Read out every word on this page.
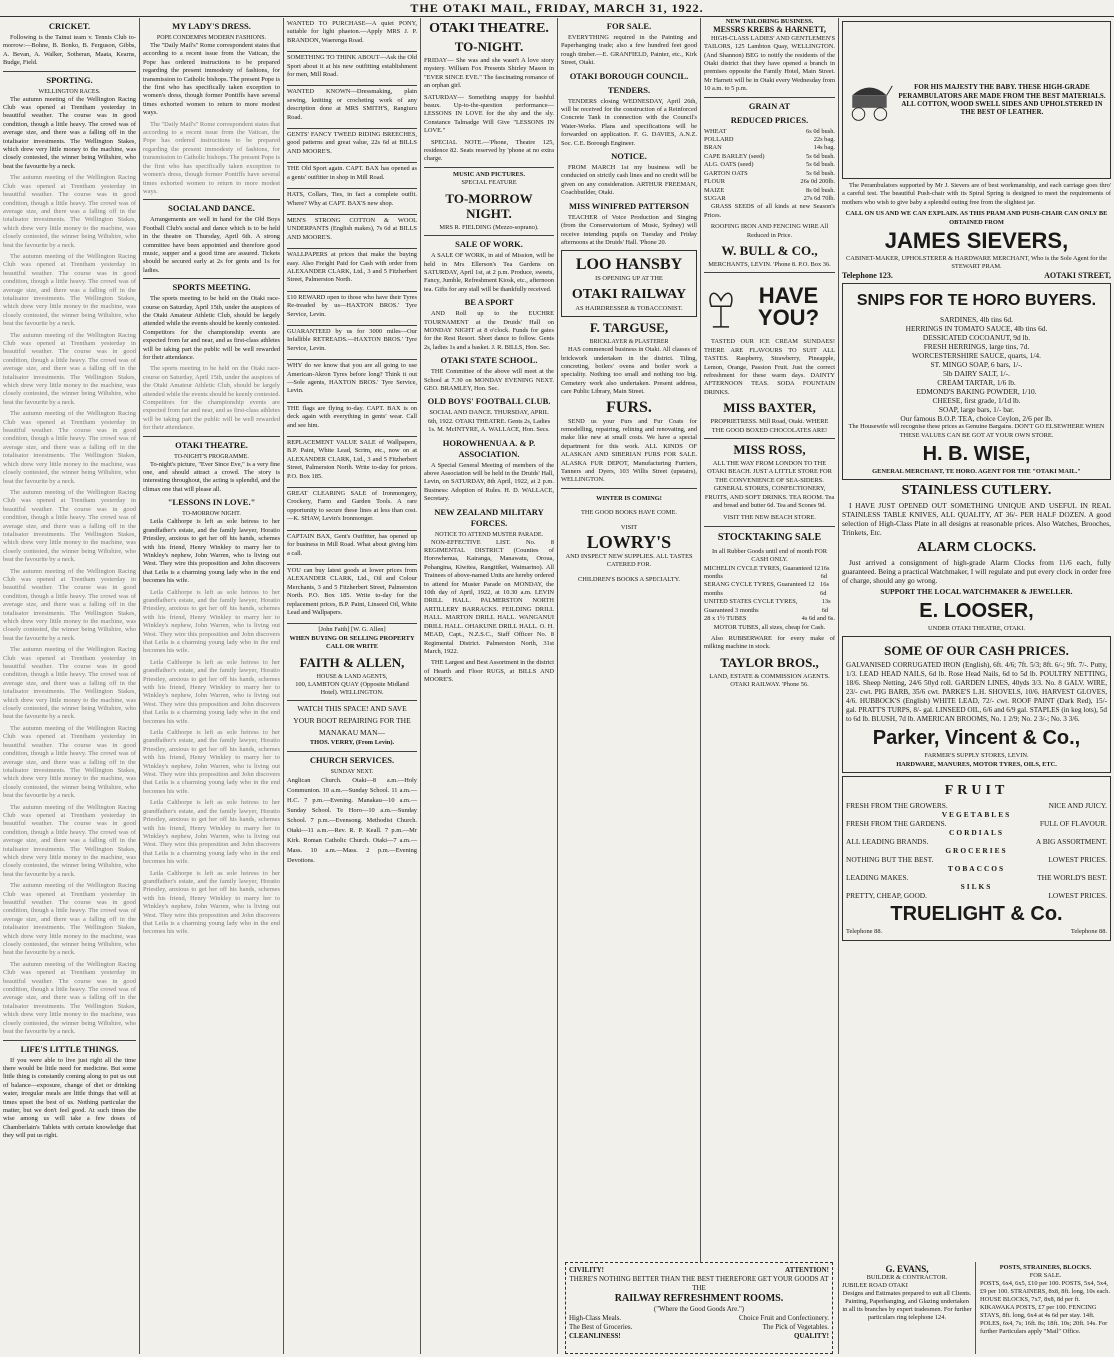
THE OTAKI MAIL, FRIDAY, MARCH 31, 1922.
CRICKET.

Following is the Tainui team v. Tennis Club to-morrow:—Bohne, B. Bonko, B. Ferguson, Gibbs, A. Bevan, A. Walker, Sotheran, Maata, Kearns, Budge, Field.

SPORTING.
WELLINGTON RACES.

The autumn meeting of the Wellington Racing Club was opened at Trentham yesterday in beautiful weather. The course was in good condition, though a little heavy. The crowd was of average size, and there was a falling off in the totalisator investments. The Wellington Stakes, which drew very little money to the machine, was closely contested, the winner being Wiltshire, who beat the favourite by a neck.

The autumn meeting of the Wellington Racing Club was opened at Trentham yesterday in beautiful weather. The course was in good condition, though a little heavy. The crowd was of average size, and there was a falling off in the totalisator investments. The Wellington Stakes, which drew very little money to the machine, was closely contested, the winner being Wiltshire, who beat the favourite by a neck.

The autumn meeting of the Wellington Racing Club was opened at Trentham yesterday in beautiful weather. The course was in good condition, though a little heavy. The crowd was of average size, and there was a falling off in the totalisator investments. The Wellington Stakes, which drew very little money to the machine, was closely contested, the winner being Wiltshire, who beat the favourite by a neck.

The autumn meeting of the Wellington Racing Club was opened at Trentham yesterday in beautiful weather. The course was in good condition, though a little heavy. The crowd was of average size, and there was a falling off in the totalisator investments. The Wellington Stakes, which drew very little money to the machine, was closely contested, the winner being Wiltshire, who beat the favourite by a neck.

The autumn meeting of the Wellington Racing Club was opened at Trentham yesterday in beautiful weather. The course was in good condition, though a little heavy. The crowd was of average size, and there was a falling off in the totalisator investments. The Wellington Stakes, which drew very little money to the machine, was closely contested, the winner being Wiltshire, who beat the favourite by a neck.

The autumn meeting of the Wellington Racing Club was opened at Trentham yesterday in beautiful weather. The course was in good condition, though a little heavy. The crowd was of average size, and there was a falling off in the totalisator investments. The Wellington Stakes, which drew very little money to the machine, was closely contested, the winner being Wiltshire, who beat the favourite by a neck.

The autumn meeting of the Wellington Racing Club was opened at Trentham yesterday in beautiful weather. The course was in good condition, though a little heavy. The crowd was of average size, and there was a falling off in the totalisator investments. The Wellington Stakes, which drew very little money to the machine, was closely contested, the winner being Wiltshire, who beat the favourite by a neck.

The autumn meeting of the Wellington Racing Club was opened at Trentham yesterday in beautiful weather. The course was in good condition, though a little heavy. The crowd was of average size, and there was a falling off in the totalisator investments. The Wellington Stakes, which drew very little money to the machine, was closely contested, the winner being Wiltshire, who beat the favourite by a neck.

The autumn meeting of the Wellington Racing Club was opened at Trentham yesterday in beautiful weather. The course was in good condition, though a little heavy. The crowd was of average size, and there was a falling off in the totalisator investments. The Wellington Stakes, which drew very little money to the machine, was closely contested, the winner being Wiltshire, who beat the favourite by a neck.

The autumn meeting of the Wellington Racing Club was opened at Trentham yesterday in beautiful weather. The course was in good condition, though a little heavy. The crowd was of average size, and there was a falling off in the totalisator investments. The Wellington Stakes, which drew very little money to the machine, was closely contested, the winner being Wiltshire, who beat the favourite by a neck.

The autumn meeting of the Wellington Racing Club was opened at Trentham yesterday in beautiful weather. The course was in good condition, though a little heavy. The crowd was of average size, and there was a falling off in the totalisator investments. The Wellington Stakes, which drew very little money to the machine, was closely contested, the winner being Wiltshire, who beat the favourite by a neck.

The autumn meeting of the Wellington Racing Club was opened at Trentham yesterday in beautiful weather. The course was in good condition, though a little heavy. The crowd was of average size, and there was a falling off in the totalisator investments. The Wellington Stakes, which drew very little money to the machine, was closely contested, the winner being Wiltshire, who beat the favourite by a neck.

LIFE'S LITTLE THINGS.

If you were able to live just right all the time there would be little need for medicine. But some little thing is constantly coming along to put us out of balance—exposure, change of diet or drinking water, irregular meals are little things that will at times upset the best of us. Nothing particular the matter, but we don't feel good. At such times the wise among us will take a few doses of Chamberlain's Tablets with certain knowledge that they will put us right.

MY LADY'S DRESS.
POPE CONDEMNS MODERN FASHIONS.

The "Daily Mail's" Rome correspondent states that according to a recent issue from the Vatican, the Pope has ordered instructions to be prepared regarding the present immodesty of fashions, for transmission to Catholic bishops. The present Pope is the first who has specifically taken exception to women's dress, though former Pontiffs have several times exhorted women to return to more modest ways.

The "Daily Mail's" Rome correspondent states that according to a recent issue from the Vatican, the Pope has ordered instructions to be prepared regarding the present immodesty of fashions, for transmission to Catholic bishops. The present Pope is the first who has specifically taken exception to women's dress, though former Pontiffs have several times exhorted women to return to more modest ways.

SOCIAL AND DANCE.

Arrangements are well in hand for the Old Boys Football Club's social and dance which is to be held in the theatre on Thursday, April 6th. A strong committee have been appointed and therefore good music, supper and a good time are assured. Tickets should be secured early at 2s for gents and 1s for ladies.

SPORTS MEETING.

The sports meeting to be held on the Otaki race-course on Saturday, April 15th, under the auspices of the Otaki Amateur Athletic Club, should be largely attended while the events should be keenly contested. Competitors for the championship events are expected from far and near, and as first-class athletes will be taking part the public will be well rewarded for their attendance.

The sports meeting to be held on the Otaki race-course on Saturday, April 15th, under the auspices of the Otaki Amateur Athletic Club, should be largely attended while the events should be keenly contested. Competitors for the championship events are expected from far and near, and as first-class athletes will be taking part the public will be well rewarded for their attendance.

OTAKI THEATRE.
TO-NIGHT'S PROGRAMME.

To-night's picture, "Ever Since Eve," is a very fine one, and should attract a crowd. The story is interesting throughout, the acting is splendid, and the climax one that will please all.

"LESSONS IN LOVE."
TO-MORROW NIGHT.

Leila Calthorpe is left as sole heiress to her grandfather's estate, and the family lawyer, Horatio Priestley, anxious to get her off his hands, schemes with his friend, Henry Winkley to marry her to Winkley's nephew, John Warren, who is living out West. They wire this proposition and John discovers that Leila is a charming young lady who in the end becomes his wife.

Leila Calthorpe is left as sole heiress to her grandfather's estate, and the family lawyer, Horatio Priestley, anxious to get her off his hands, schemes with his friend, Henry Winkley to marry her to Winkley's nephew, John Warren, who is living out West. They wire this proposition and John discovers that Leila is a charming young lady who in the end becomes his wife.

Leila Calthorpe is left as sole heiress to her grandfather's estate, and the family lawyer, Horatio Priestley, anxious to get her off his hands, schemes with his friend, Henry Winkley to marry her to Winkley's nephew, John Warren, who is living out West. They wire this proposition and John discovers that Leila is a charming young lady who in the end becomes his wife.

Leila Calthorpe is left as sole heiress to her grandfather's estate, and the family lawyer, Horatio Priestley, anxious to get her off his hands, schemes with his friend, Henry Winkley to marry her to Winkley's nephew, John Warren, who is living out West. They wire this proposition and John discovers that Leila is a charming young lady who in the end becomes his wife.

Leila Calthorpe is left as sole heiress to her grandfather's estate, and the family lawyer, Horatio Priestley, anxious to get her off his hands, schemes with his friend, Henry Winkley to marry her to Winkley's nephew, John Warren, who is living out West. They wire this proposition and John discovers that Leila is a charming young lady who in the end becomes his wife.

Leila Calthorpe is left as sole heiress to her grandfather's estate, and the family lawyer, Horatio Priestley, anxious to get her off his hands, schemes with his friend, Henry Winkley to marry her to Winkley's nephew, John Warren, who is living out West. They wire this proposition and John discovers that Leila is a charming young lady who in the end becomes his wife.

WANTED TO PURCHASE—A quiet PONY, suitable for light phaeton.—Apply MRS J. P. BRANDON, Waerenga Road.

SOMETHING TO THINK ABOUT—Ask the Old Sport about it at his new outfitting establishment for men, Mill Road.

WANTED KNOWN—Dressmaking, plain sewing, knitting or crocheting work of any description done at MRS SMITH'S, Rangiuru Road.

GENTS' FANCY TWEED RIDING BREECHES, good patterns and great value, 22s 6d at BILLS AND MOORE'S.

THE Old Sport again. CAPT. BAX has opened as a gents' outfitter in shop in Mill Road.

HATS, Collars, Ties, in fact a complete outfit. Where? Why at CAPT. BAX'S new shop.

MEN'S STRONG COTTON & WOOL UNDERPANTS (English makes), 7s 6d at BILLS AND MOORE'S.

WALLPAPERS at prices that make the buying easy. Also Freight Paid for Cash with order from ALEXANDER CLARK, Ltd., 3 and 5 Fitzherbert Street, Palmerston North.

£10 REWARD open to those who have their Tyres Re-treaded by us—HAXTON BROS.' Tyre Service, Levin.

GUARANTEED by us for 3000 miles—Our Infallible RETREADS.—HAXTON BROS.' Tyre Service, Levin.

WHY do we know that you are all going to use American-Akron Tyres before long? Think it out—Sole agents, HAXTON BROS.' Tyre Service, Levin.

THE flags are flying to-day. CAPT. BAX is on deck again with everything in gents' wear. Call and see him.

REPLACEMENT VALUE SALE of Wallpapers, B.P. Paint, White Lead, Scrim, etc., now on at ALEXANDER CLARK, Ltd., 3 and 5 Fitzherbert Street, Palmerston North. Write to-day for prices. P.O. Box 185.

GREAT CLEARING SALE of Ironmongery, Crockery, Farm and Garden Tools. A rare opportunity to secure these lines at less than cost.—K. SHAW, Levin's Ironmonger.

CAPTAIN BAX, Gent's Outfitter, has opened up for business in Mill Road. What about giving him a call.

YOU can buy latest goods at lower prices from ALEXANDER CLARK, Ltd., Oil and Colour Merchants, 3 and 5 Fitzherbert Street, Palmerston North. P.O. Box 185. Write to-day for the replacement prices, B.P. Paint, Linseed Oil, White Lead and Wallpapers.

[John Faith] [W. G. Allen]
WHEN BUYING OR SELLING PROPERTY CALL OR WRITE
FAITH & ALLEN,
HOUSE & LAND AGENTS,
100, LAMBTON QUAY (Opposite Midland Hotel). WELLINGTON.
WATCH THIS SPACE! AND SAVE YOUR BOOT REPAIRING FOR THE MANAKAU MAN—
THOS. VERRY, (From Levin).
CHURCH SERVICES.
SUNDAY NEXT.

Anglican Church. Otaki—8 a.m.—Holy Communion. 10 a.m.—Sunday School. 11 a.m.—H.C. 7 p.m.—Evening. Manakau—10 a.m.—Sunday School. Te Horo—10 a.m.—Sunday School. 7 p.m.—Evensong. Methodist Church. Otaki—11 a.m.—Rev. R. P. Keall. 7 p.m.—Mr Kirk. Roman Catholic Church. Otaki—7 a.m.—Mass. 10 a.m.—Mass. 2 p.m.—Evening Devotions.

OTAKI THEATRE.
TO-NIGHT.

FRIDAY— She was and she wasn't A love story mystery. William Fox Presents Shirley Mason in "EVER SINCE EVE." The fascinating romance of an orphan girl.

SATURDAY— Something snappy for bashful beaux. Up-to-the-question performance—LESSONS IN LOVE for the shy and the sly. Constance Talmadge Will Give "LESSONS IN LOVE."

SPECIAL NOTE.—'Phone, Theatre 125, residence 82. Seats reserved by 'phone at no extra charge.

MUSIC AND PICTURES.
SPECIAL FEATURE
TO-MORROW NIGHT.
MRS R. FIELDING (Mezzo-soprano).
SALE OF WORK.

A SALE OF WORK, in aid of Mission, will be held in Mrs Ellerson's Tea Gardens on SATURDAY, April 1st, at 2 p.m. Produce, sweets, Fancy, Jumble, Refreshment Kiosk, etc., afternoon tea. Gifts for any stall will be thankfully received.

BE A SPORT

AND Roll up to the EUCHRE TOURNAMENT at the Druids' Hall on MONDAY NIGHT at 8 o'clock. Funds for gates for the Rest Resort. Short dance to follow. Gents 2s, ladies 1s and a basket. J. R. BILLS, Hon. Sec.

OTAKI STATE SCHOOL.

THE Committee of the above will meet at the School at 7.30 on MONDAY EVENING NEXT. GEO. BRAMLEY, Hon. Sec.

OLD BOYS' FOOTBALL CLUB.

SOCIAL AND DANCE. THURSDAY, APRIL 6th, 1922. OTAKI THEATRE. Gents 2s, Ladies 1s. M. McINTYRE, A. WALLACE, Hon. Secs.

HOROWHENUA A. & P. ASSOCIATION.

A Special General Meeting of members of the above Association will be held in the Druids' Hall, Levin, on SATURDAY, 8th April, 1922, at 2 p.m. Business: Adoption of Rules. H. D. WALLACE, Secretary.

NEW ZEALAND MILITARY FORCES.
NOTICE TO ATTEND MUSTER PARADE.

NON-EFFECTIVE LIST. No. 8 REGIMENTAL DISTRICT (Counties of Horowhenua, Kairanga, Manawatu, Oroua, Pohangina, Kiwitea, Rangitikei, Waimarino). All Trainees of above-named Units are hereby ordered to attend for Muster Parade on MONDAY, the 10th day of April, 1922, at 10.30 a.m. LEVIN DRILL HALL. PALMERSTON NORTH ARTILLERY BARRACKS. FEILDING DRILL HALL. MARTON DRILL HALL. WANGANUI DRILL HALL. OHAKUNE DRILL HALL. O. H. MEAD, Capt., N.Z.S.C., Staff Officer No. 8 Regimental District. Palmerston North, 31st March, 1922.

THE Largest and Best Assortment in the district of Hearth and Floor RUGS, at BILLS AND MOORE'S.

FOR SALE.

EVERYTHING required in the Painting and Paperhanging trade; also a few hundred feet good rough timber.—E. GRANFIELD, Painter, etc., Kirk Street, Otaki.

OTAKI BOROUGH COUNCIL.
TENDERS.

TENDERS closing WEDNESDAY, April 26th, will be received for the construction of a Reinforced Concrete Tank in connection with the Council's Water-Works. Plans and specifications will be forwarded on application. F. G. DAVIES, A.N.Z. Soc. C.E. Borough Engineer.

NOTICE.

FROM MARCH 1st my business will be conducted on strictly cash lines and no credit will be given on any consideration. ARTHUR FREEMAN, Coachbuilder, Otaki.

MISS WINIFRED PATTERSON

TEACHER of Voice Production and Singing (from the Conservatorium of Music, Sydney) will receive intending pupils on Tuesday and Friday afternoons at the Druids' Hall. 'Phone 20.

LOO HANSBY
IS OPENING UP AT THE
OTAKI RAILWAY
AS HAIRDRESSER & TOBACCONIST.
F. TARGUSE,
BRICKLAYER & PLASTERER

HAS commenced business in Otaki. All classes of brickwork undertaken in the district. Tiling, concreting, boilers' ovens and boiler work a speciality. Nothing too small and nothing too big. Cemetery work also undertaken. Present address, care Public Library, Main Street.

FURS.

SEND us your Furs and Fur Coats for remodelling, repairing, relining and renovating, and make like new at small costs. We have a special department for this work. ALL KINDS OF ALASKAN AND SIBERIAN FURS FOR SALE. ALASKA FUR DEPOT, Manufacturing Furriers, Tanners and Dyers, 103 Willis Street (upstairs), WELLINGTON.

WINTER IS COMING!
THE GOOD BOOKS HAVE COME.
VISIT
LOWRY'S
AND INSPECT NEW SUPPLIES. ALL TASTES CATERED FOR.
CHILDREN'S BOOKS A SPECIALTY.
NEW TAILORING BUSINESS.
MESSRS KREBS & HARNETT,

HIGH-CLASS LADIES' AND GENTLEMEN'S TAILORS, 125 Lambton Quay, WELLINGTON. (And Shannon) BEG to notify the residents of the Otaki district that they have opened a branch in premises opposite the Family Hotel, Main Street. Mr Harnett will be in Otaki every Wednesday from 10 a.m. to 5 p.m.

GRAIN AT
REDUCED PRICES.
WHEAT	6s 0d bush.
POLLARD	22s bag.
BRAN	14s bag.
CAPE BARLEY (seed)	5s 6d bush.
ALG. OATS (seed)	5s 6d bush.
GARTON OATS	5s 6d bush.
FLOUR	26s 0d 200lb.
MAIZE	8s 0d bush.
SUGAR	27s 6d 70lb.

GRASS SEEDS of all kinds at new Season's Prices.

ROOFING IRON AND FENCING WIRE All Reduced in Price.

W. BULL & CO.,
MERCHANTS, LEVIN. 'Phone 8. P.O. Box 36.
HAVE YOU?

TASTED OUR ICE CREAM SUNDAES! THERE ARE FLAVOURS TO SUIT ALL TASTES. Raspberry, Strawberry, Pineapple, Lemon, Orange, Passion Fruit. Just the correct refreshment for these warm days. DAINTY AFTERNOON TEAS. SODA FOUNTAIN DRINKS.

MISS BAXTER,
PROPRIETRESS. Mill Road, Otaki. WHERE THE GOOD BOXED CHOCOLATES ARE!
MISS ROSS,
ALL THE WAY FROM LONDON TO THE OTAKI BEACH. JUST A LITTLE STORE FOR THE CONVENIENCE OF SEA-SIDERS. GENERAL STORES, CONFECTIONERY, FRUITS, AND SOFT DRINKS. TEA ROOM. Tea and bread and butter 6d. Tea and Scones 9d.
VISIT THE NEW BEACH STORE.
STOCKTAKING SALE
In all Rubber Goods until end of month FOR CASH ONLY.
MICHELIN CYCLE TYRES, Guaranteed 12 months
16s 6d
SERANG CYCLE TYRES, Guaranteed 12 months
16s 6d
UNITED STATES CYCLE TYRES, Guaranteed 3 months
13s 6d
28 x 1½ TUBES	4s 6d and 6s.

MOTOR TUBES, all sizes, cheap for Cash.

Also RUBBERWARE for every make of milking machine in stock.

TAYLOR BROS.,
LAND, ESTATE & COMMISSION AGENTS. OTAKI RAILWAY. 'Phone 56.
FOR HIS MAJESTY THE BABY. THESE HIGH-GRADE PERAMBULATORS ARE MADE FROM THE BEST MATERIALS. ALL COTTON, WOOD SWELL SIDES AND UPHOLSTERED IN THE BEST OF LEATHER.

The Perambulators supported by Mr J. Sievers are of best workmanship, and each carriage goes thro' a careful test. The beautiful Push-chair with its Spiral Spring is designed to meet the requirements of mothers who wish to give baby a splendid outing free from the slightest jar.

CALL ON US AND WE CAN EXPLAIN. AS THIS PRAM AND PUSH-CHAIR CAN ONLY BE OBTAINED FROM

JAMES SIEVERS,
CABINET-MAKER, UPHOLSTERER & HARDWARE MERCHANT, Who is the Sole Agent for the STEWART PRAM.
Telephone 123.	AOTAKI STREET,
SNIPS FOR TE HORO BUYERS.
SARDINES, 4lb tins 6d.
HERRINGS IN TOMATO SAUCE, 4lb tins 6d.
DESSICATED COCOANUT, 9d lb.
FRESH HERRINGS, large tins, 7d.
WORCESTERSHIRE SAUCE, quarts, 1/4.
ST. MINGO SOAP, 6 bars, 1/-.
5lb DAIRY SALT, 1/-.
CREAM TARTAR, 1/6 lb.
EDMOND'S BAKING POWDER, 1/10.
CHEESE, first grade, 1/1d lb.
SOAP, large bars, 1/- bar.
Our famous B.O.P. TEA, choice Ceylon, 2/6 per lb.

The Housewife will recognise these prices as Genuine Bargains. DON'T GO ELSEWHERE WHEN THESE VALUES CAN BE GOT AT YOUR OWN STORE.

H. B. WISE,
GENERAL MERCHANT, TE HORO. AGENT FOR THE "OTAKI MAIL."
STAINLESS CUTLERY.

I HAVE JUST OPENED OUT SOMETHING UNIQUE AND USEFUL IN REAL STAINLESS TABLE KNIVES, ALL QUALITY, AT 36/- PER HALF DOZEN. A good selection of High-Class Plate in all designs at reasonable prices. Also Watches, Brooches, Trinkets, Etc.

ALARM CLOCKS.

Just arrived a consignment of high-grade Alarm Clocks from 11/6 each, fully guaranteed. Being a practical Watchmaker, I will regulate and put every clock in order free of charge, should any go wrong.

SUPPORT THE LOCAL WATCHMAKER & JEWELLER.
E. LOOSER,
UNDER OTAKI THEATRE, OTAKI.
SOME OF OUR CASH PRICES.

GALVANISED CORRUGATED IRON (English), 6ft. 4/6; 7ft. 5/3; 8ft. 6/-; 9ft. 7/-. Putty, 1/3. LEAD HEAD NAILS, 6d lb. Rose Head Nails, 6d to 5d lb. POULTRY NETTING, 18/6. Sheep Netting, 24/6 50yd roll. GARDEN LINES, 40yds 3/3. No. 8 GALV. WIRE, 23/- cwt. PIG BARB, 35/6 cwt. PARKE'S L.H. SHOVELS, 10/6. HARVEST GLOVES, 4/6. HUBBOCK'S (English) WHITE LEAD, 72/- cwt. ROOF PAINT (Dark Red), 15/- gal. PRATT'S TURPS, 8/- gal. LINSEED OIL, 6/6 and 6/9 gal. STAPLES (in keg lots), 5d to 6d lb. BLUSH, 7d lb. AMERICAN BROOMS, No. 1 2/9; No. 2 3/-; No. 3 3/6.

Parker, Vincent & Co.,
FARMER'S SUPPLY STORES, LEVIN.
HARDWARE, MANURES, MOTOR TYRES, OILS, ETC.
FRUIT
FRESH FROM THE GROWERS.	NICE AND JUICY.
VEGETABLES
FRESH FROM THE GARDENS.	FULL OF FLAVOUR.
CORDIALS
ALL LEADING BRANDS.	A BIG ASSORTMENT.
GROCERIES
NOTHING BUT THE BEST.	LOWEST PRICES.
TOBACCOS
LEADING MAKES.	THE WORLD'S BEST.
SILKS
PRETTY, CHEAP, GOOD.	LOWEST PRICES.
TRUELIGHT & Co.
Telephone 88.	Telephone 88.
CIVILITY!	ATTENTION!
THERE'S NOTHING BETTER THAN THE BEST THEREFORE GET YOUR GOODS AT THE
RAILWAY REFRESHMENT ROOMS.
("Where the Good Goods Are.")
High-Class Meals.	Choice Fruit and Confectionery.
The Best of Groceries.	The Pick of Vegetables.
CLEANLINESS!	QUALITY!
G. EVANS,
BUILDER & CONTRACTOR.
JUBILEE ROAD OTAKI
Designs and Estimates prepared to suit all Clients. Painting, Paperhanging, and Glazing undertaken in all its branches by expert tradesmen. For further particulars ring telephone 124.
POSTS, STRAINERS, BLOCKS.
FOR SALE.
POSTS, 6x4, 6x5, £10 per 100. POSTS, 5x4, 5x4, £9 per 100. STRAINERS, 8x8, 8ft. long, 10s each. HOUSE BLOCKS, 7x7, 8x8, 8d per ft. KIKAWAKA POSTS, £7 per 100. FENCING STAYS, 8ft. long, 6x4 at 4s 6d per stay. 14ft. POLES, 6x4, 7s; 16ft. 8s; 18ft. 10s; 20ft. 14s. For further Particulars apply "Mail" Office.
